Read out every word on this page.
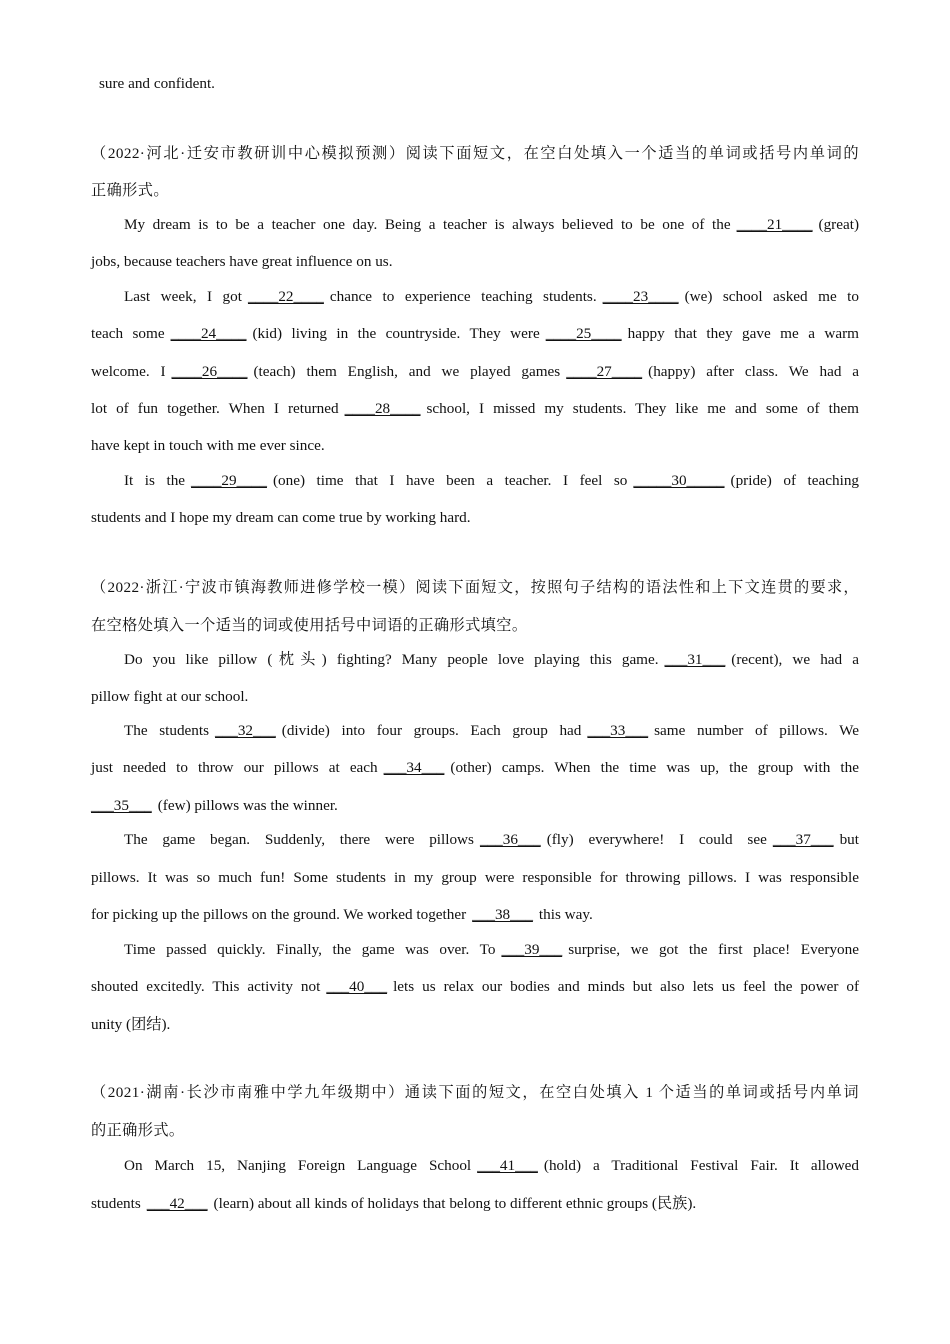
sure and confident.
（2022·河北·迁安市教研训中心模拟预测）阅读下面短文，在空白处填入一个适当的单词或括号内单词的
正确形式。
My dream is to be a teacher one day. Being a teacher is always believed to be one of the ____21____ (great)
jobs, because teachers have great influence on us.
Last week, I got ____22____ chance to experience teaching students. ____23____ (we) school asked me to
teach some ____24____ (kid) living in the countryside. They were ____25____ happy that they gave me a warm
welcome. I ____26____ (teach) them English, and we played games ____27____ (happy) after class. We had a
lot of fun together. When I returned ____28____ school, I missed my students. They like me and some of them
have kept in touch with me ever since.
It is the ____29____ (one) time that I have been a teacher. I feel so _____30_____ (pride) of teaching
students and I hope my dream can come true by working hard.
（2022·浙江·宁波市镇海教师进修学校一模）阅读下面短文，按照句子结构的语法性和上下文连贯的要求，
在空格处填入一个适当的词或使用括号中词语的正确形式填空。
Do you like pillow (枕头) fighting? Many people love playing this game. ___31___ (recent), we had a
pillow fight at our school.
The students ___32___ (divide) into four groups. Each group had ___33___ same number of pillows. We
just needed to throw our pillows at each ___34___ (other) camps. When the time was up, the group with the
___35___ (few) pillows was the winner.
The game began. Suddenly, there were pillows ___36___ (fly) everywhere! I could see ___37___ but
pillows. It was so much fun! Some students in my group were responsible for throwing pillows. I was responsible
for picking up the pillows on the ground. We worked together ___38___ this way.
Time passed quickly. Finally, the game was over. To ___39___ surprise, we got the first place! Everyone
shouted excitedly. This activity not ___40___ lets us relax our bodies and minds but also lets us feel the power of
unity (团结).
（2021·湖南·长沙市南雅中学九年级期中）通读下面的短文，在空白处填入 1 个适当的单词或括号内单词
的正确形式。
On March 15, Nanjing Foreign Language School ___41___ (hold) a Traditional Festival Fair. It allowed
students ___42___ (learn) about all kinds of holidays that belong to different ethnic groups (民族).
